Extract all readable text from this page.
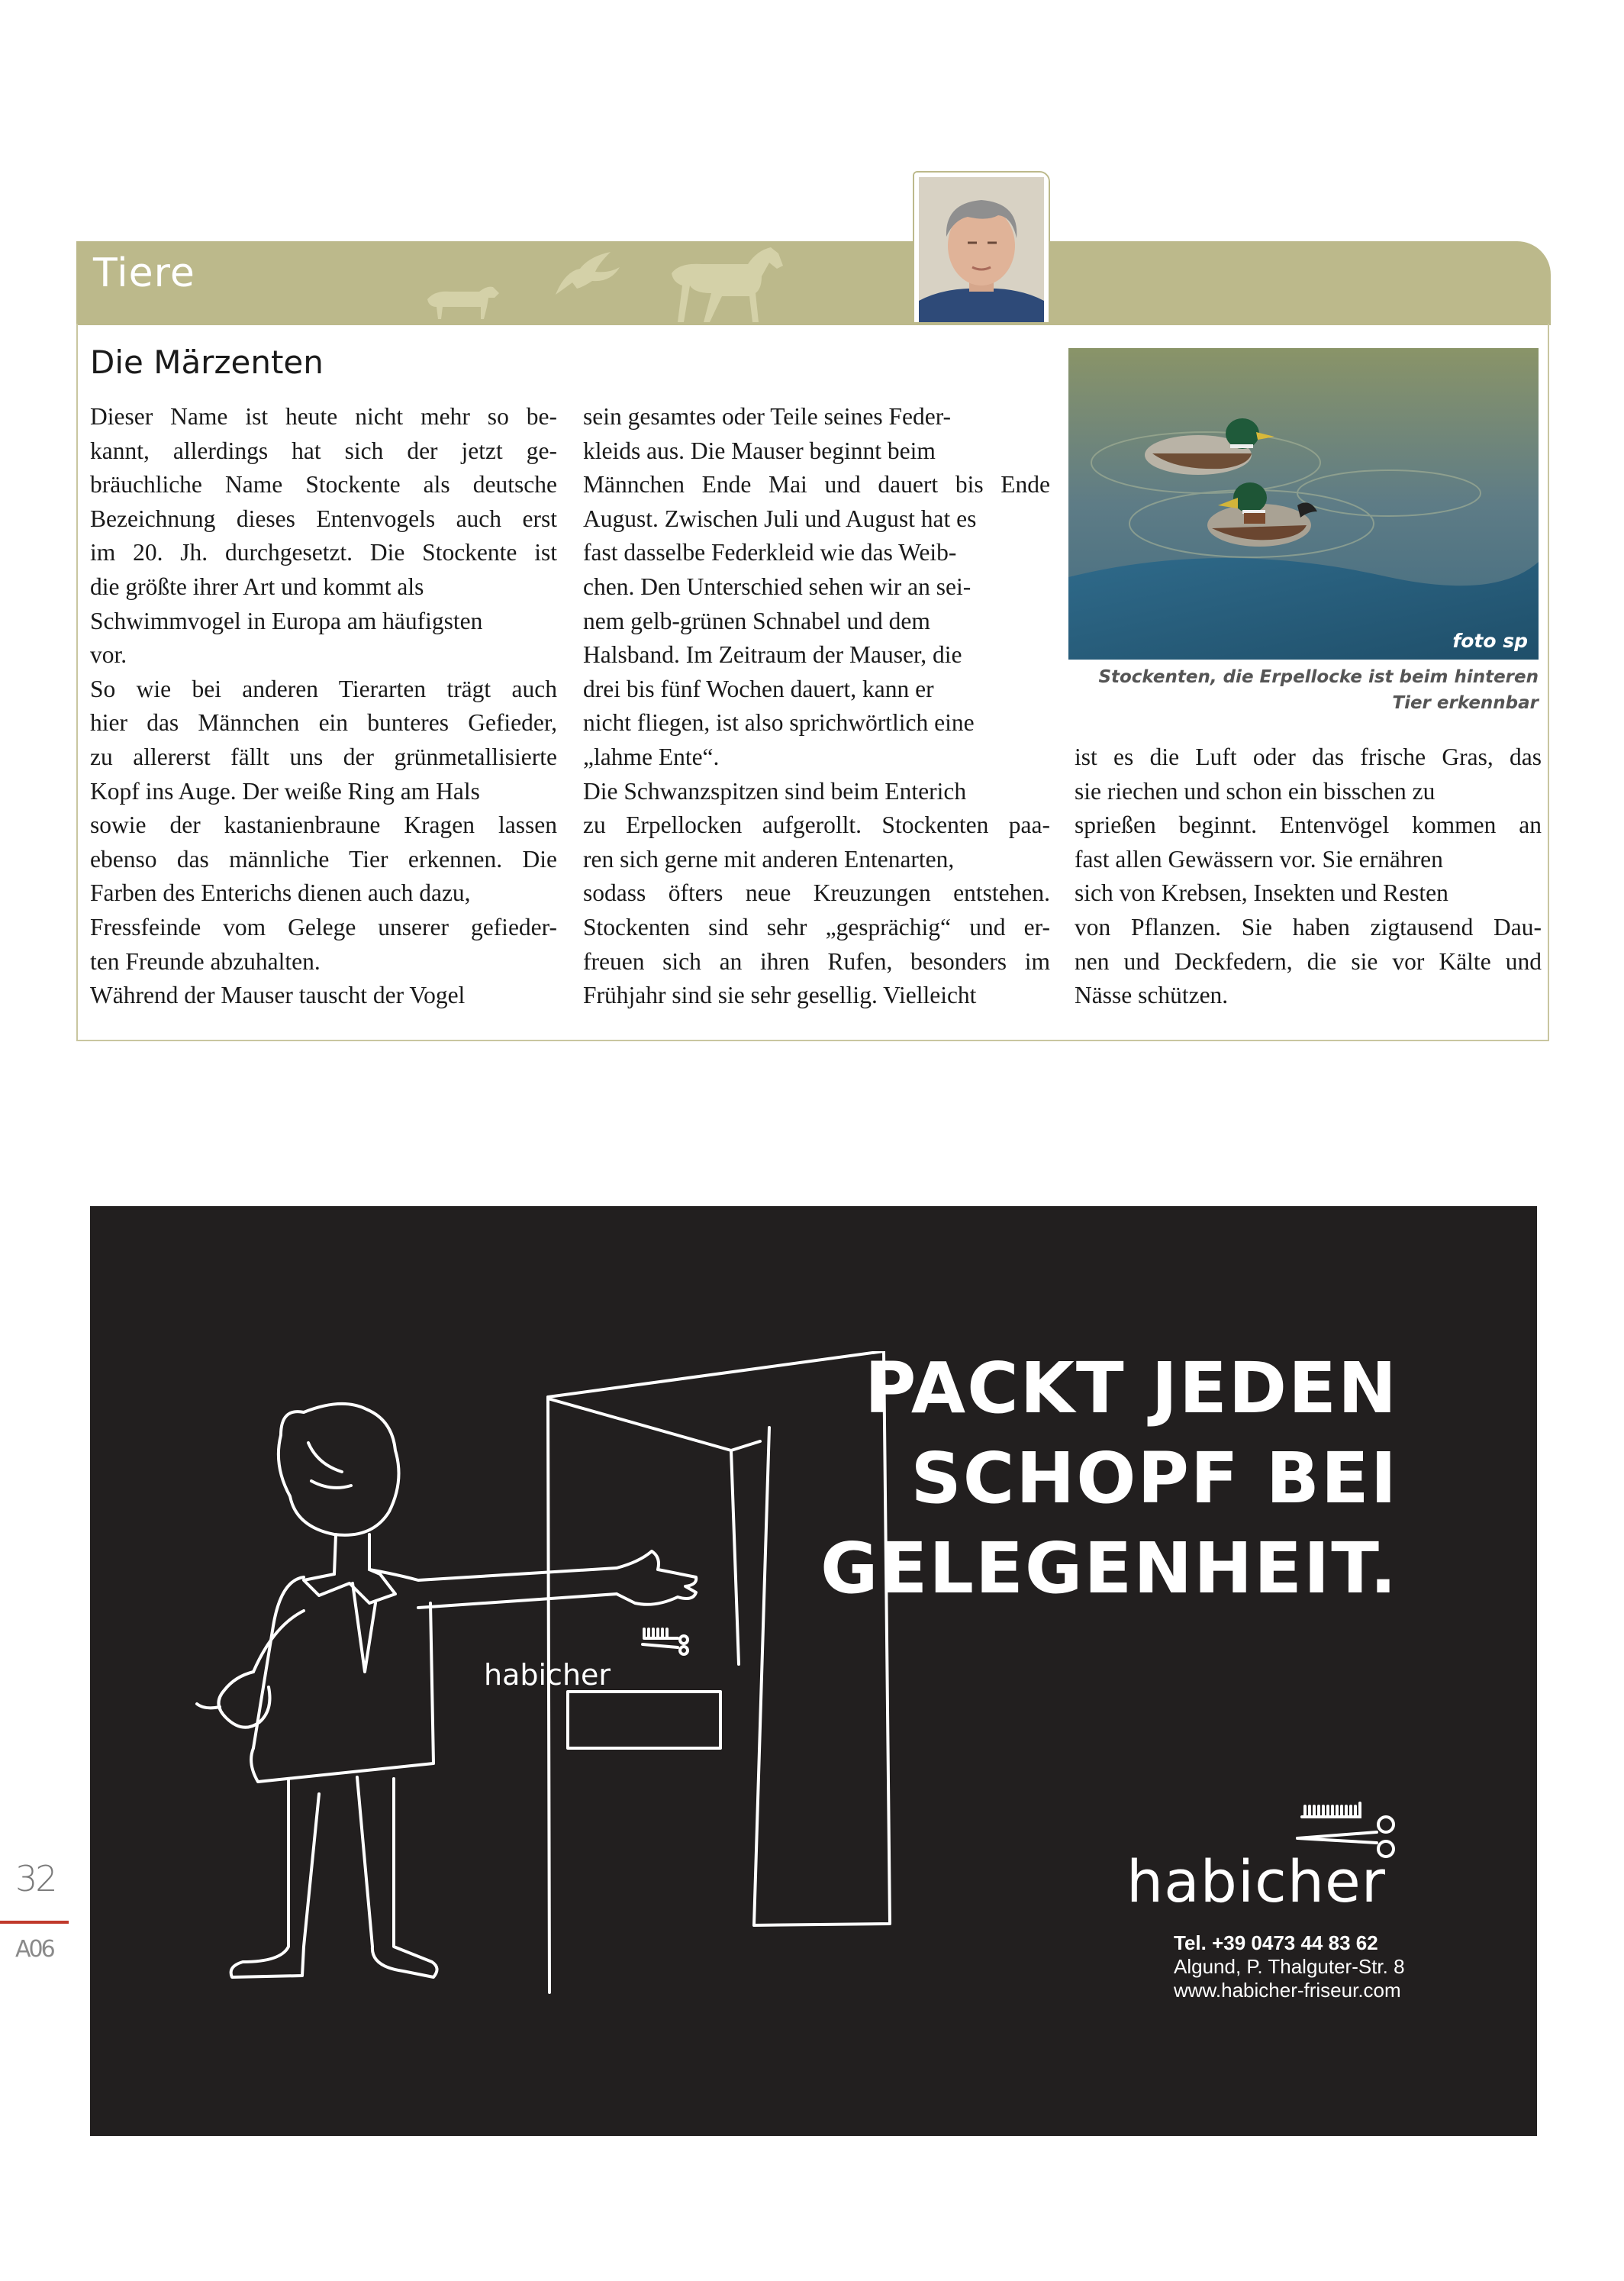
Tiere
Die Märzenten
Dieser Name ist heute nicht mehr so be-
kannt, allerdings hat sich der jetzt ge-
bräuchliche Name Stockente als deutsche
Bezeichnung dieses Entenvogels auch erst
im 20. Jh. durchgesetzt. Die Stockente ist
die größte ihrer Art und kommt als
Schwimmvogel in Europa am häufigsten
vor.
So wie bei anderen Tierarten trägt auch
hier das Männchen ein bunteres Gefieder,
zu allererst fällt uns der grünmetallisierte
Kopf ins Auge. Der weiße Ring am Hals
sowie der kastanienbraune Kragen lassen
ebenso das männliche Tier erkennen. Die
Farben des Enterichs dienen auch dazu,
Fressfeinde vom Gelege unserer gefieder-
ten Freunde abzuhalten.
Während der Mauser tauscht der Vogel
sein gesamtes oder Teile seines Feder-
kleids aus. Die Mauser beginnt beim
Männchen Ende Mai und dauert bis Ende
August. Zwischen Juli und August hat es
fast dasselbe Federkleid wie das Weib-
chen. Den Unterschied sehen wir an sei-
nem gelb-grünen Schnabel und dem
Halsband. Im Zeitraum der Mauser, die
drei bis fünf Wochen dauert, kann er
nicht fliegen, ist also sprichwörtlich eine
„lahme Ente“.
Die Schwanzspitzen sind beim Enterich
zu Erpellocken aufgerollt. Stockenten paa-
ren sich gerne mit anderen Entenarten,
sodass öfters neue Kreuzungen entstehen.
Stockenten sind sehr „gesprächig“ und er-
freuen sich an ihren Rufen, besonders im
Frühjahr sind sie sehr gesellig. Vielleicht

foto sp

Stockenten, die Erpellocke ist beim hinteren Tier erkennbar

ist es die Luft oder das frische Gras, das
sie riechen und schon ein bisschen zu
sprießen beginnt. Entenvögel kommen an
fast allen Gewässern vor. Sie ernähren
sich von Krebsen, Insekten und Resten
von Pflanzen. Sie haben zigtausend Dau-
nen und Deckfedern, die sie vor Kälte und
Nässe schützen.

32

A06

habicher

PACKT JEDEN
SCHOPF BEI
GELEGENHEIT.

habicher

Tel. +39 0473 44 83 62
Algund, P. Thalguter-Str. 8
www.habicher-friseur.com
